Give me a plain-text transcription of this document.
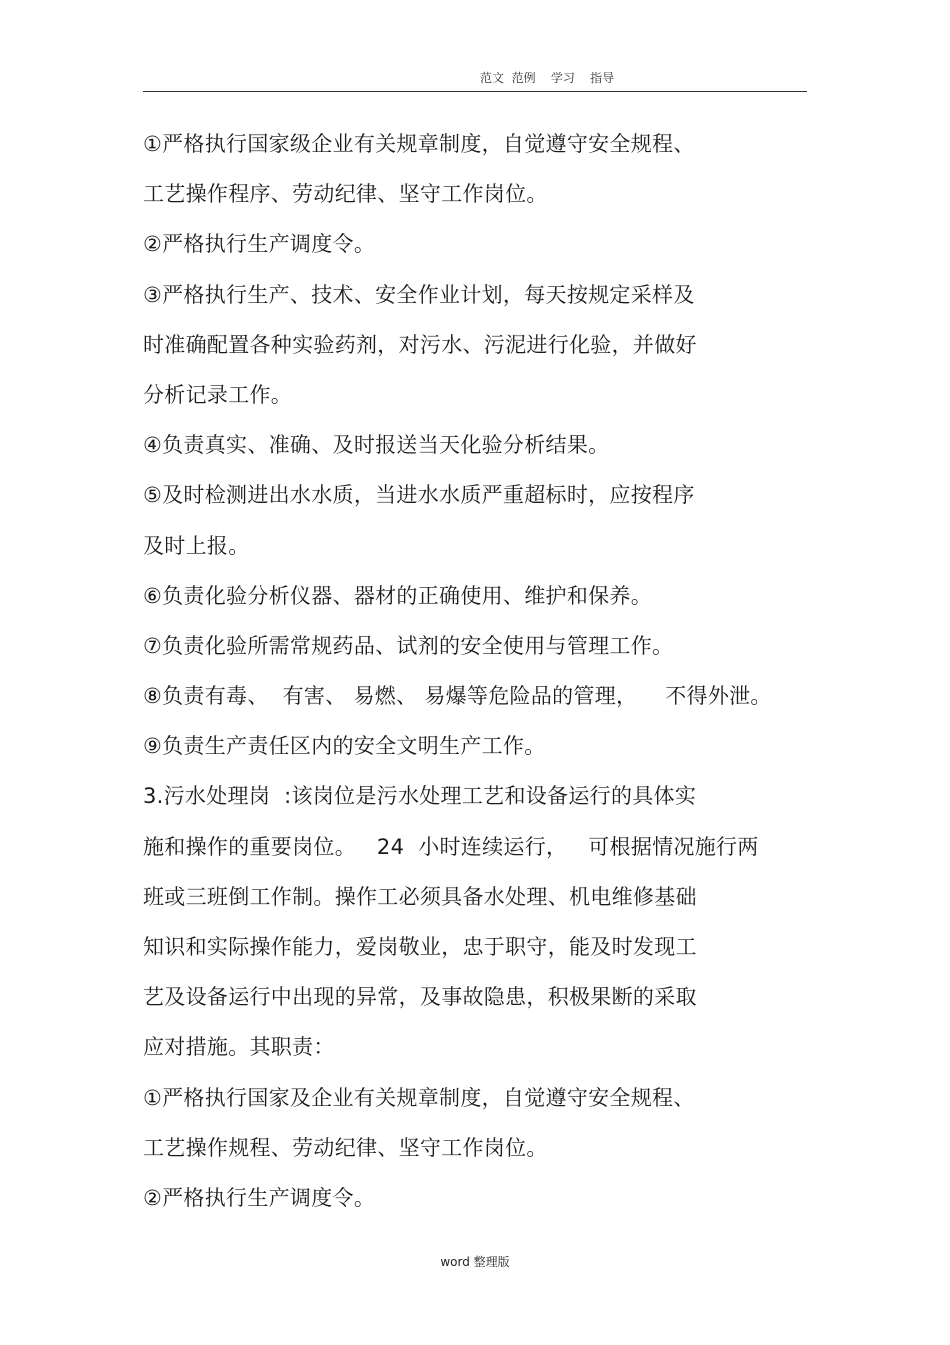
范文  范例    学习    指导
①严格执行国家级企业有关规章制度，自觉遵守安全规程、
工艺操作程序、劳动纪律、坚守工作岗位。
②严格执行生产调度令。
③严格执行生产、技术、安全作业计划，每天按规定采样及
时准确配置各种实验药剂，对污水、污泥进行化验，并做好
分析记录工作。
④负责真实、准确、及时报送当天化验分析结果。
⑤及时检测进出水水质，当进水水质严重超标时，应按程序
及时上报。
⑥负责化验分析仪器、器材的正确使用、维护和保养。
⑦负责化验所需常规药品、试剂的安全使用与管理工作。
⑧负责有毒、  有害、 易燃、 易爆等危险品的管理，    不得外泄。
⑨负责生产责任区内的安全文明生产工作。
3.污水处理岗  :该岗位是污水处理工艺和设备运行的具体实
施和操作的重要岗位。   24  小时连续运行，   可根据情况施行两
班或三班倒工作制。操作工必须具备水处理、机电维修基础
知识和实际操作能力，爱岗敬业，忠于职守，能及时发现工
艺及设备运行中出现的异常，及事故隐患，积极果断的采取
应对措施。其职责：
①严格执行国家及企业有关规章制度，自觉遵守安全规程、
工艺操作规程、劳动纪律、坚守工作岗位。
②严格执行生产调度令。
word 整理版
